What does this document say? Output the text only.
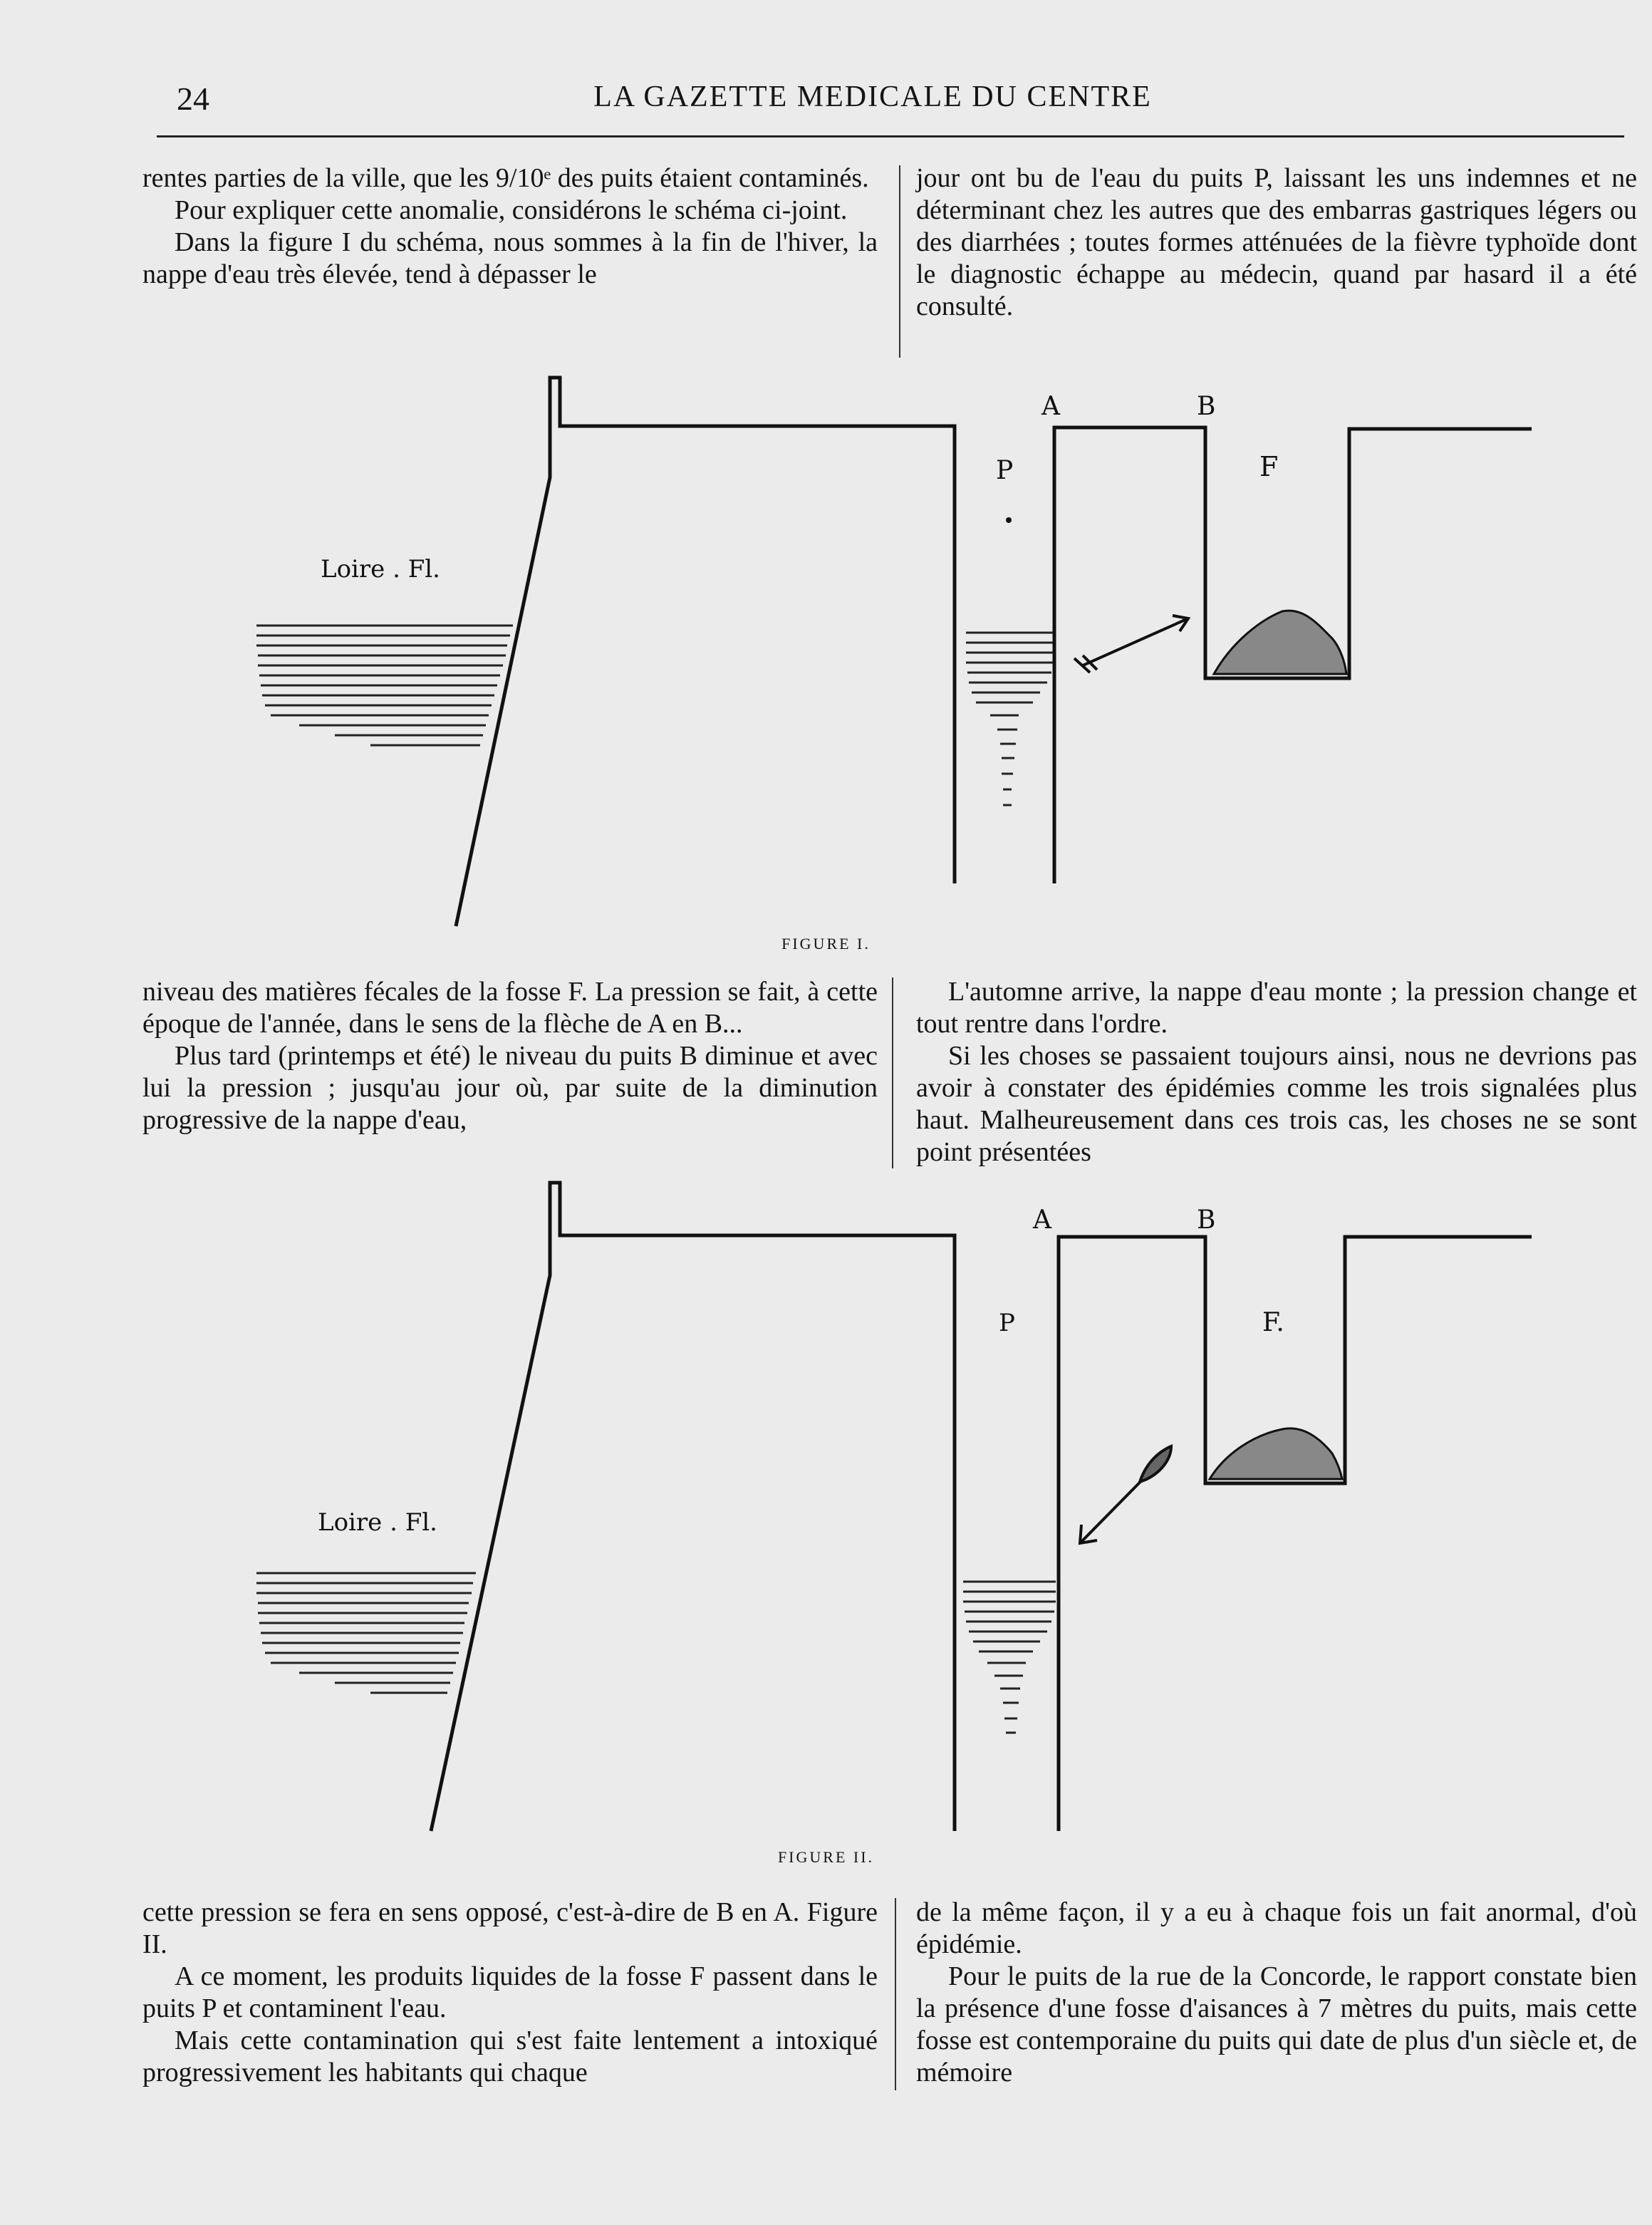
24	LA GAZETTE MEDICALE DU CENTRE

rentes parties de la ville, que les 9/10ᵉ des puits étaient contaminés.

Pour expliquer cette anomalie, considérons le schéma ci-joint.

Dans la figure I du schéma, nous sommes à la fin de l'hiver, la nappe d'eau très élevée, tend à dépasser le

jour ont bu de l'eau du puits P, laissant les uns indemnes et ne déterminant chez les autres que des embarras gastriques légers ou des diarrhées ; toutes formes atténuées de la fièvre typhoïde dont le diagnostic échappe au médecin, quand par hasard il a été consulté.

Loire . Fl.
A	B
P	F
FIGURE I.

niveau des matières fécales de la fosse F. La pression se fait, à cette époque de l'année, dans le sens de la flèche de A en B...

Plus tard (printemps et été) le niveau du puits B diminue et avec lui la pression ; jusqu'au jour où, par suite de la diminution progressive de la nappe d'eau,

L'automne arrive, la nappe d'eau monte ; la pression change et tout rentre dans l'ordre.

Si les choses se passaient toujours ainsi, nous ne devrions pas avoir à constater des épidémies comme les trois signalées plus haut. Malheureusement dans ces trois cas, les choses ne se sont point présentées

Loire . Fl.
A	B
P	F.
FIGURE II.

cette pression se fera en sens opposé, c'est-à-dire de B en A. Figure II.

A ce moment, les produits liquides de la fosse F passent dans le puits P et contaminent l'eau.

Mais cette contamination qui s'est faite lentement a intoxiqué progressivement les habitants qui chaque

de la même façon, il y a eu à chaque fois un fait anormal, d'où épidémie.

Pour le puits de la rue de la Concorde, le rapport constate bien la présence d'une fosse d'aisances à 7 mètres du puits, mais cette fosse est contemporaine du puits qui date de plus d'un siècle et, de mémoire
